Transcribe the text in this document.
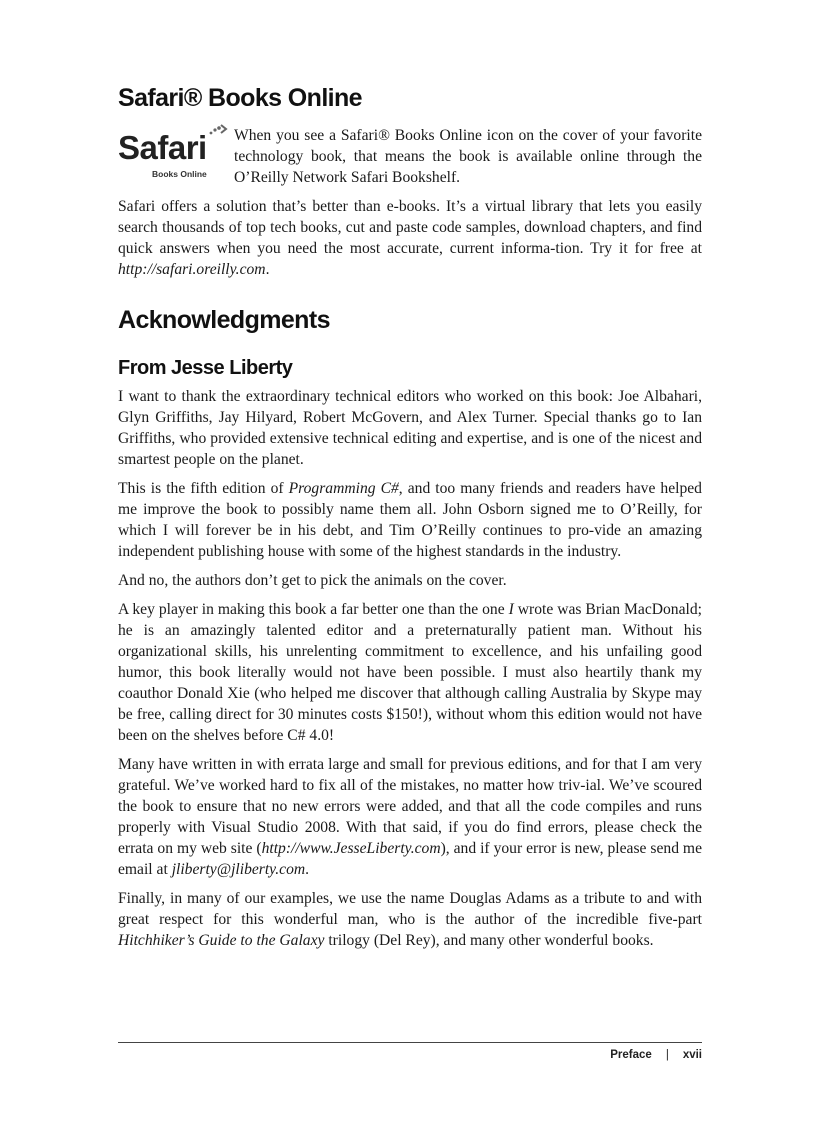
Safari® Books Online
Safari
Books Online

When you see a Safari® Books Online icon on the cover of your favorite technology book, that means the book is available online through the O’Reilly Network Safari Bookshelf.

Safari offers a solution that’s better than e-books. It’s a virtual library that lets you easily search thousands of top tech books, cut and paste code samples, download chapters, and find quick answers when you need the most accurate, current informa-tion. Try it for free at http://safari.oreilly.com.

Acknowledgments
From Jesse Liberty

I want to thank the extraordinary technical editors who worked on this book: Joe Albahari, Glyn Griffiths, Jay Hilyard, Robert McGovern, and Alex Turner. Special thanks go to Ian Griffiths, who provided extensive technical editing and expertise, and is one of the nicest and smartest people on the planet.

This is the fifth edition of Programming C#, and too many friends and readers have helped me improve the book to possibly name them all. John Osborn signed me to O’Reilly, for which I will forever be in his debt, and Tim O’Reilly continues to pro-vide an amazing independent publishing house with some of the highest standards in the industry.

And no, the authors don’t get to pick the animals on the cover.

A key player in making this book a far better one than the one I wrote was Brian MacDonald; he is an amazingly talented editor and a preternaturally patient man. Without his organizational skills, his unrelenting commitment to excellence, and his unfailing good humor, this book literally would not have been possible. I must also heartily thank my coauthor Donald Xie (who helped me discover that although calling Australia by Skype may be free, calling direct for 30 minutes costs $150!), without whom this edition would not have been on the shelves before C# 4.0!

Many have written in with errata large and small for previous editions, and for that I am very grateful. We’ve worked hard to fix all of the mistakes, no matter how triv-ial. We’ve scoured the book to ensure that no new errors were added, and that all the code compiles and runs properly with Visual Studio 2008. With that said, if you do find errors, please check the errata on my web site (http://www.JesseLiberty.com), and if your error is new, please send me email at jliberty@jliberty.com.

Finally, in many of our examples, we use the name Douglas Adams as a tribute to and with great respect for this wonderful man, who is the author of the incredible five-part Hitchhiker’s Guide to the Galaxy trilogy (Del Rey), and many other wonderful books.

Preface | xvii
